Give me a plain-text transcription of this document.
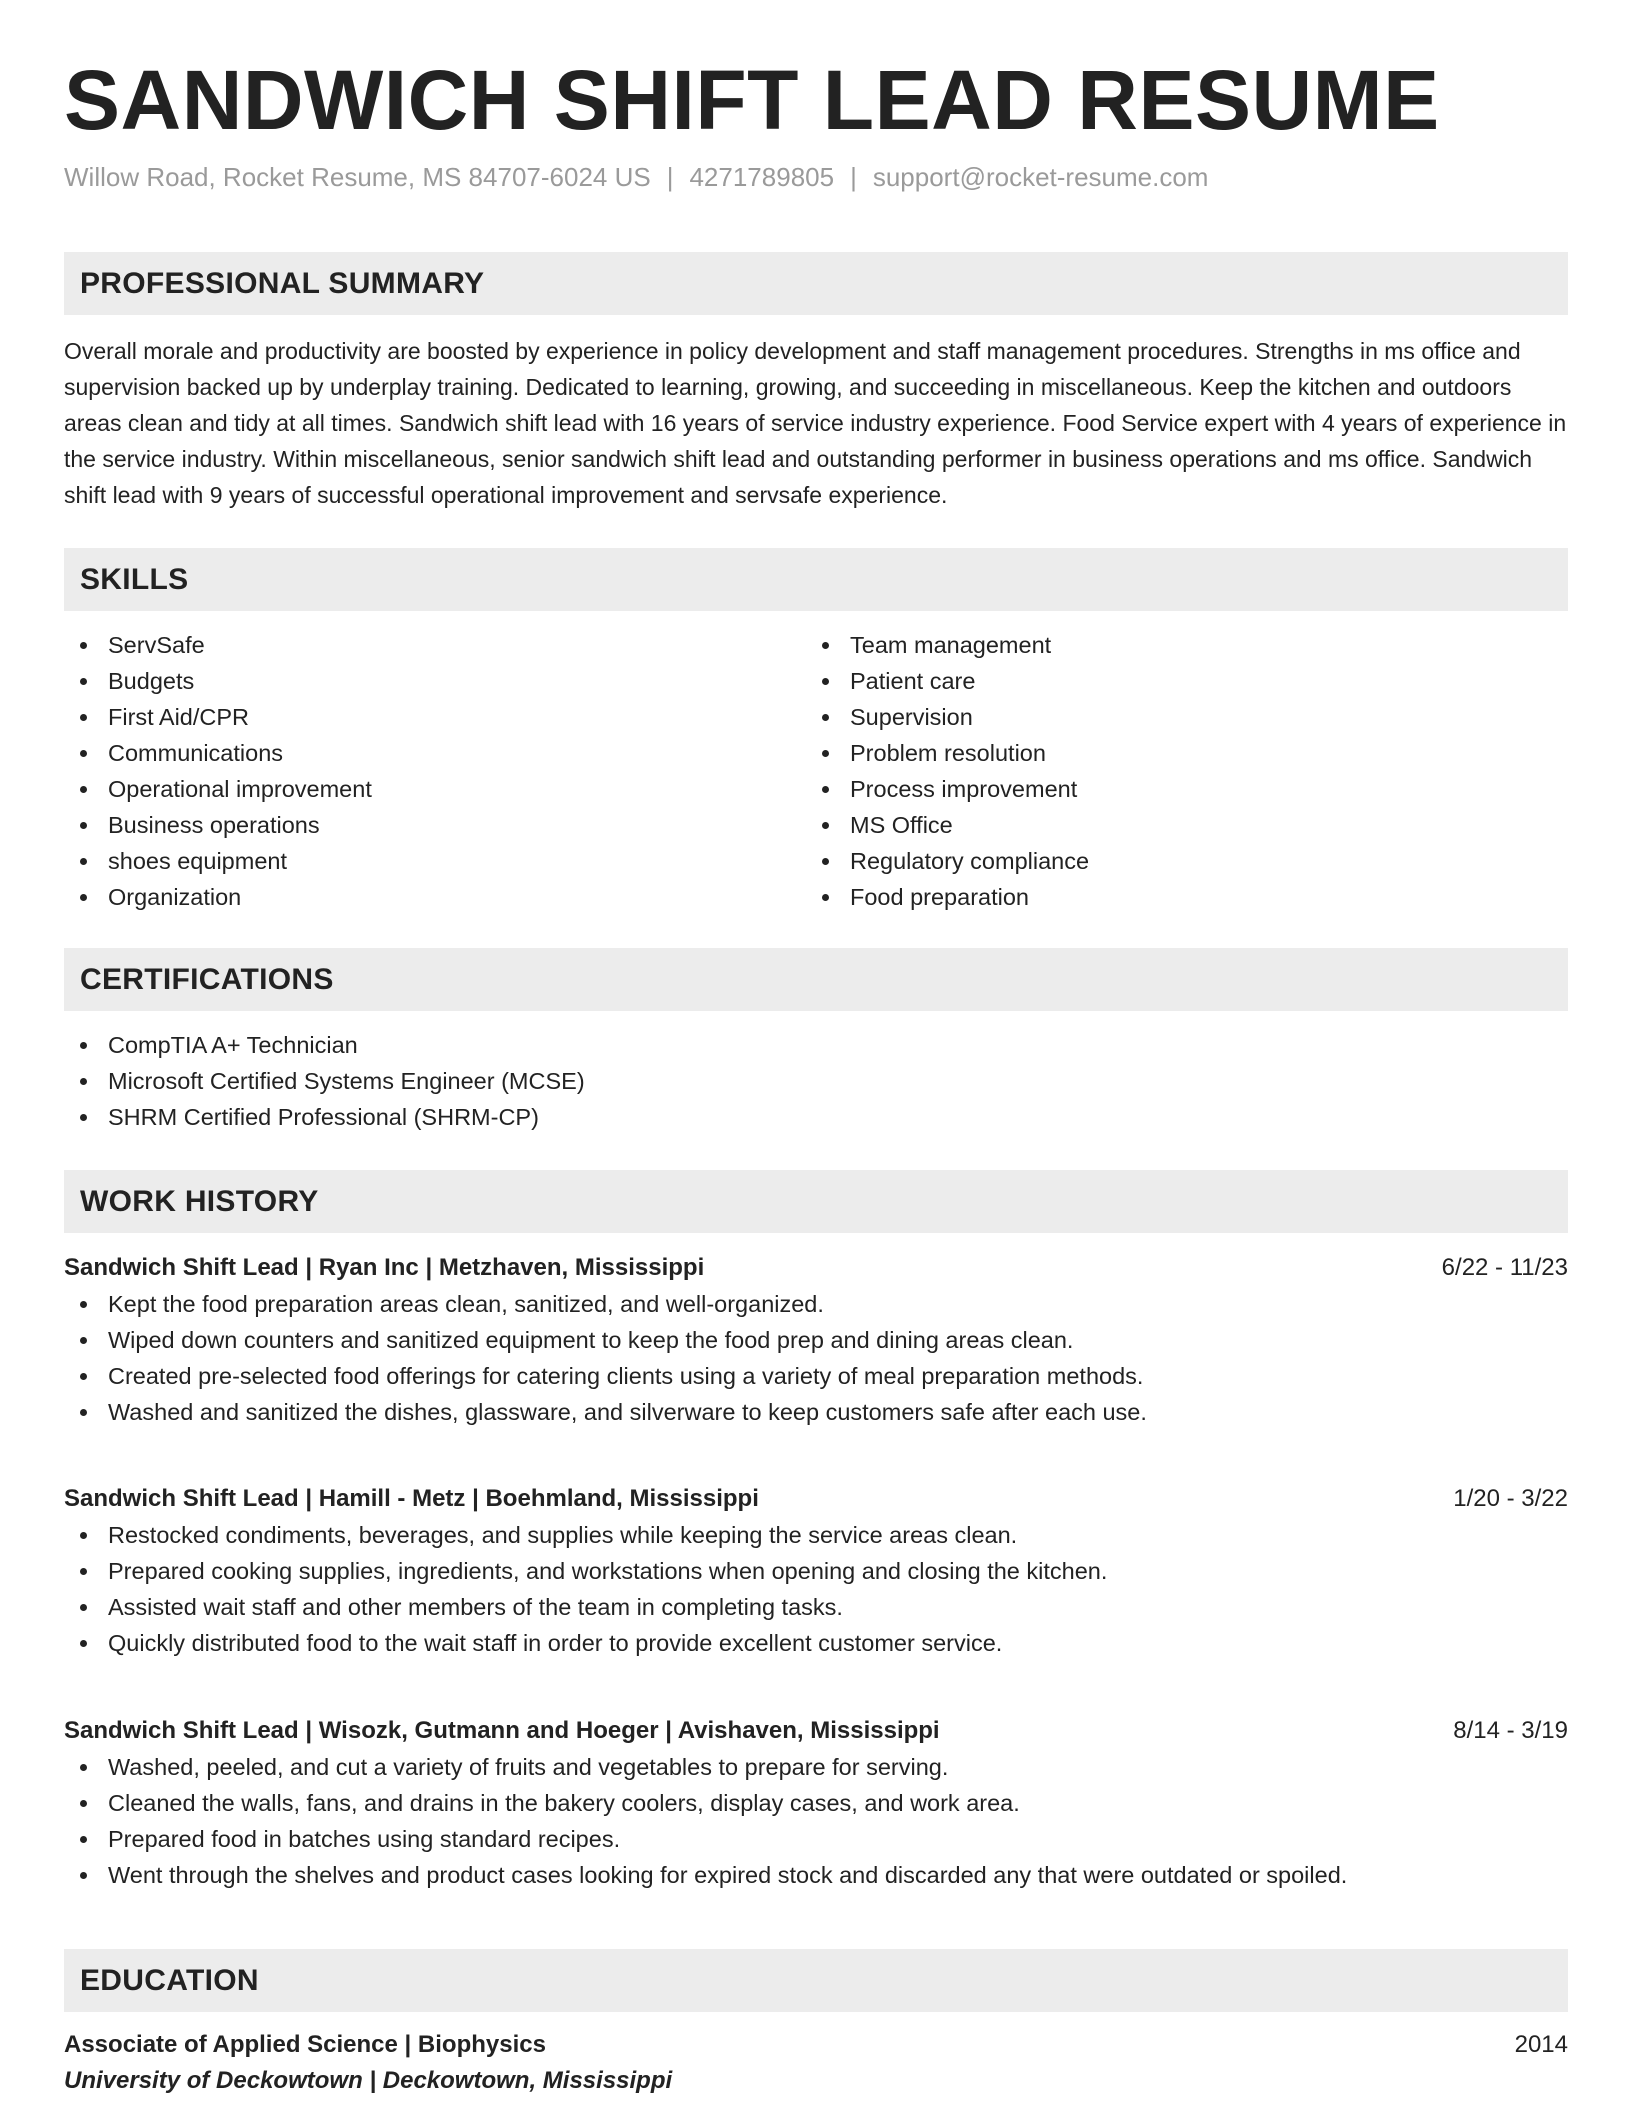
SANDWICH SHIFT LEAD RESUME
Willow Road, Rocket Resume, MS 84707-6024 US | 4271789805 | support@rocket-resume.com
PROFESSIONAL SUMMARY

Overall morale and productivity are boosted by experience in policy development and staff management procedures. Strengths in ms office and supervision backed up by underplay training. Dedicated to learning, growing, and succeeding in miscellaneous. Keep the kitchen and outdoors areas clean and tidy at all times. Sandwich shift lead with 16 years of service industry experience. Food Service expert with 4 years of experience in the service industry. Within miscellaneous, senior sandwich shift lead and outstanding performer in business operations and ms office. Sandwich shift lead with 9 years of successful operational improvement and servsafe experience.

SKILLS
ServSafe
Budgets
First Aid/CPR
Communications
Operational improvement
Business operations
shoes equipment
Organization
Team management
Patient care
Supervision
Problem resolution
Process improvement
MS Office
Regulatory compliance
Food preparation
CERTIFICATIONS
CompTIA A+ Technician
Microsoft Certified Systems Engineer (MCSE)
SHRM Certified Professional (SHRM-CP)
WORK HISTORY
Sandwich Shift Lead | Ryan Inc | Metzhaven, Mississippi	6/22 - 11/23
Kept the food preparation areas clean, sanitized, and well-organized.
Wiped down counters and sanitized equipment to keep the food prep and dining areas clean.
Created pre-selected food offerings for catering clients using a variety of meal preparation methods.
Washed and sanitized the dishes, glassware, and silverware to keep customers safe after each use.
Sandwich Shift Lead | Hamill - Metz | Boehmland, Mississippi	1/20 - 3/22
Restocked condiments, beverages, and supplies while keeping the service areas clean.
Prepared cooking supplies, ingredients, and workstations when opening and closing the kitchen.
Assisted wait staff and other members of the team in completing tasks.
Quickly distributed food to the wait staff in order to provide excellent customer service.
Sandwich Shift Lead | Wisozk, Gutmann and Hoeger | Avishaven, Mississippi	8/14 - 3/19
Washed, peeled, and cut a variety of fruits and vegetables to prepare for serving.
Cleaned the walls, fans, and drains in the bakery coolers, display cases, and work area.
Prepared food in batches using standard recipes.
Went through the shelves and product cases looking for expired stock and discarded any that were outdated or spoiled.
EDUCATION
Associate of Applied Science | Biophysics	2014
University of Deckowtown | Deckowtown, Mississippi
